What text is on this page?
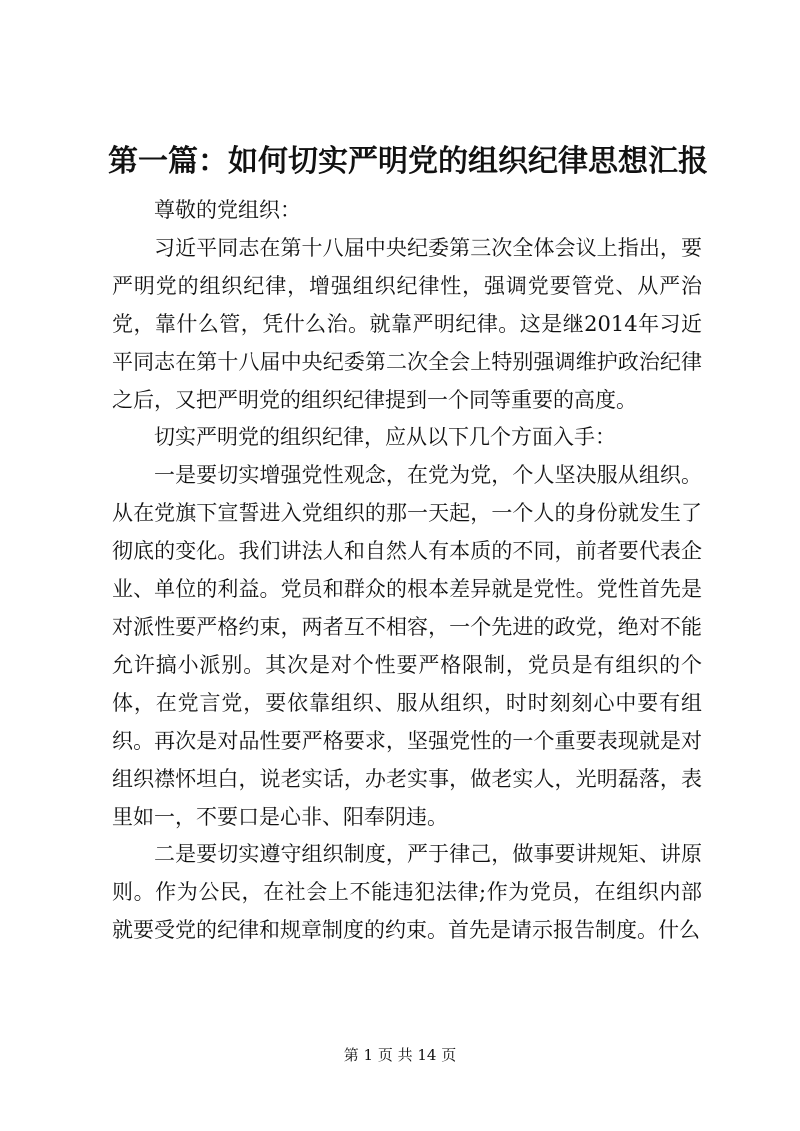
第一篇：如何切实严明党的组织纪律思想汇报

尊敬的党组织：

习近平同志在第十八届中央纪委第三次全体会议上指出，要严明党的组织纪律，增强组织纪律性，强调党要管党、从严治党，靠什么管，凭什么治。就靠严明纪律。这是继2014年习近平同志在第十八届中央纪委第二次全会上特别强调维护政治纪律之后，又把严明党的组织纪律提到一个同等重要的高度。

切实严明党的组织纪律，应从以下几个方面入手：

一是要切实增强党性观念，在党为党，个人坚决服从组织。从在党旗下宣誓进入党组织的那一天起，一个人的身份就发生了彻底的变化。我们讲法人和自然人有本质的不同，前者要代表企业、单位的利益。党员和群众的根本差异就是党性。党性首先是对派性要严格约束，两者互不相容，一个先进的政党，绝对不能允许搞小派别。其次是对个性要严格限制，党员是有组织的个体，在党言党，要依靠组织、服从组织，时时刻刻心中要有组织。再次是对品性要严格要求，坚强党性的一个重要表现就是对组织襟怀坦白，说老实话，办老实事，做老实人，光明磊落，表里如一，不要口是心非、阳奉阴违。

二是要切实遵守组织制度，严于律己，做事要讲规矩、讲原则。作为公民，在社会上不能违犯法律;作为党员，在组织内部就要受党的纪律和规章制度的约束。首先是请示报告制度。什么

第 1 页 共 14 页
